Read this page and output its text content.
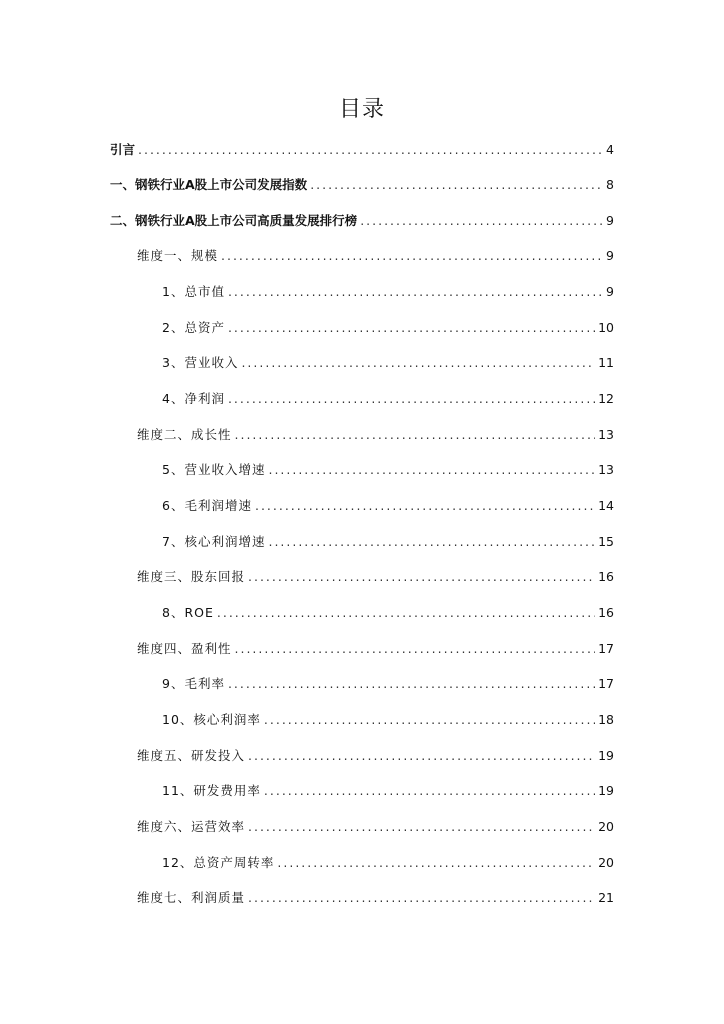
目录
引言 .....	4
一、钢铁行业A股上市公司发展指数 .....	8
二、钢铁行业A股上市公司高质量发展排行榜 .....	9
维度一、规模 .....	9
1、总市值 .....	9
2、总资产 .....	10
3、营业收入 .....	11
4、净利润 .....	12
维度二、成长性 .....	13
5、营业收入增速 .....	13
6、毛利润增速 .....	14
7、核心利润增速 .....	15
维度三、股东回报 .....	16
8、ROE .....	16
维度四、盈利性 .....	17
9、毛利率 .....	17
10、核心利润率 .....	18
维度五、研发投入 .....	19
11、研发费用率 .....	19
维度六、运营效率 .....	20
12、总资产周转率 .....	20
维度七、利润质量 .....	21
